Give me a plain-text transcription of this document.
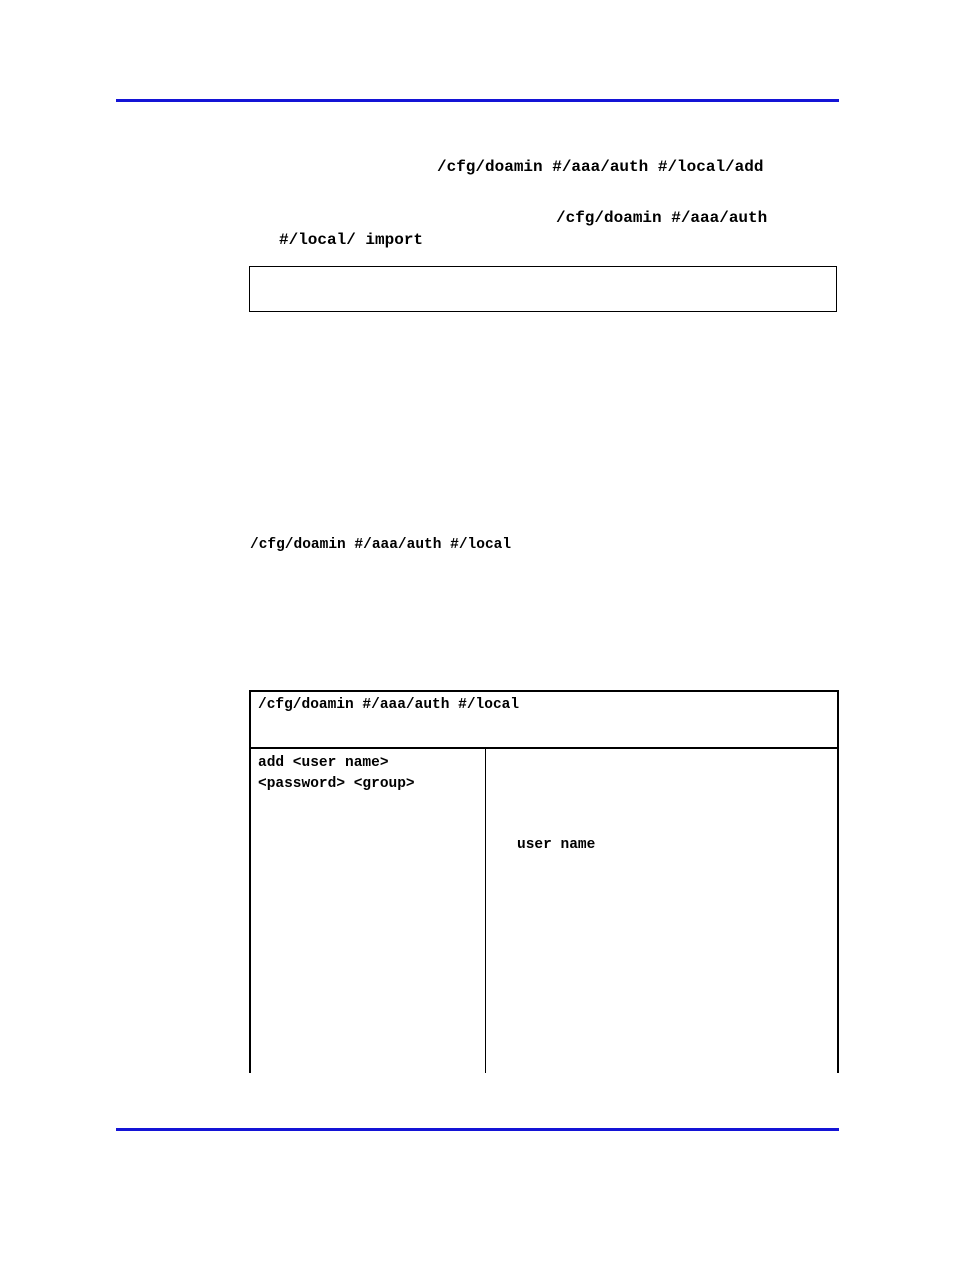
/cfg/doamin #/aaa/auth #/local/add
/cfg/doamin #/aaa/auth
#/local/ import
/cfg/doamin #/aaa/auth #/local
/cfg/doamin #/aaa/auth #/local
add <user name>
<password> <group>
user name
